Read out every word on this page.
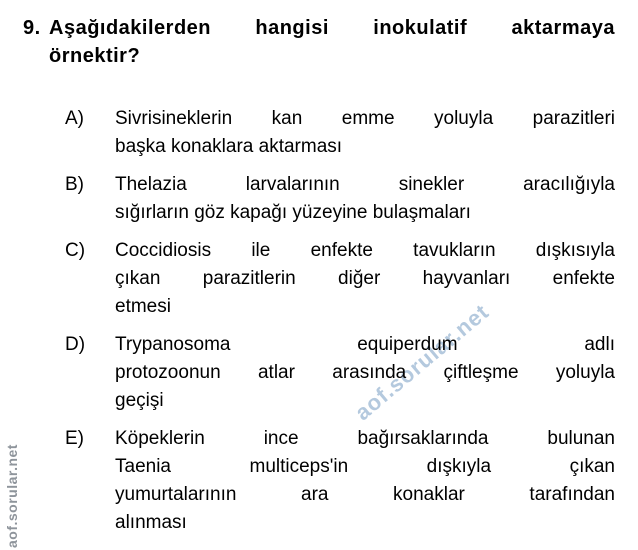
aof.sorular.net
aof.sorular.net
9. Aşağıdakilerden hangisi inokulatif aktarmaya
örnektir?
A)	Sivrisineklerin kan emme yoluyla parazitleri
başka konaklara aktarması
B)	Thelazia larvalarının sinekler aracılığıyla
sığırların göz kapağı yüzeyine bulaşmaları
C)	Coccidiosis ile enfekte tavukların dışkısıyla
çıkan parazitlerin diğer hayvanları enfekte
etmesi
D)	Trypanosoma equiperdum adlı
protozoonun atlar arasında çiftleşme yoluyla
geçişi
E)	Köpeklerin ince bağırsaklarında bulunan
Taenia multiceps'in dışkıyla çıkan
yumurtalarının ara konaklar tarafından
alınması
